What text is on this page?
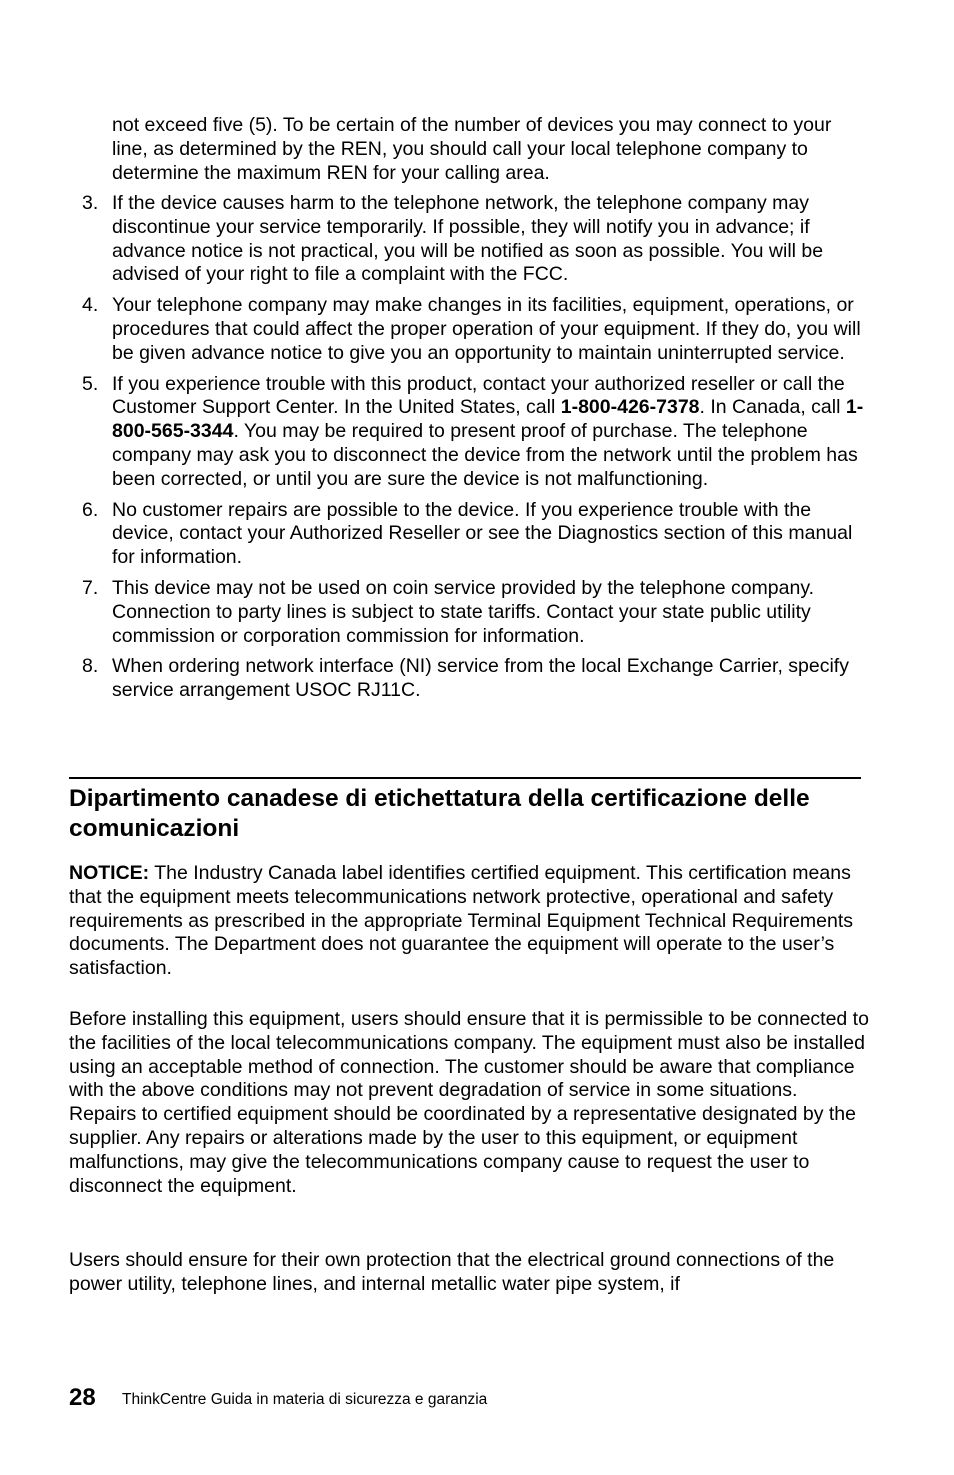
not exceed five (5). To be certain of the number of devices you may connect to your line, as determined by the REN, you should call your local telephone company to determine the maximum REN for your calling area.

3. If the device causes harm to the telephone network, the telephone company may discontinue your service temporarily. If possible, they will notify you in advance; if advance notice is not practical, you will be notified as soon as possible. You will be advised of your right to file a complaint with the FCC.
4. Your telephone company may make changes in its facilities, equipment, operations, or procedures that could affect the proper operation of your equipment. If they do, you will be given advance notice to give you an opportunity to maintain uninterrupted service.
5. If you experience trouble with this product, contact your authorized reseller or call the Customer Support Center. In the United States, call 1-800-426-7378. In Canada, call 1-800-565-3344. You may be required to present proof of purchase. The telephone company may ask you to disconnect the device from the network until the problem has been corrected, or until you are sure the device is not malfunctioning.
6. No customer repairs are possible to the device. If you experience trouble with the device, contact your Authorized Reseller or see the Diagnostics section of this manual for information.
7. This device may not be used on coin service provided by the telephone company. Connection to party lines is subject to state tariffs. Contact your state public utility commission or corporation commission for information.
8. When ordering network interface (NI) service from the local Exchange Carrier, specify service arrangement USOC RJ11C.
Dipartimento canadese di etichettatura della certificazione delle comunicazioni

NOTICE: The Industry Canada label identifies certified equipment. This certification means that the equipment meets telecommunications network protective, operational and safety requirements as prescribed in the appropriate Terminal Equipment Technical Requirements documents. The Department does not guarantee the equipment will operate to the user’s satisfaction.

Before installing this equipment, users should ensure that it is permissible to be connected to the facilities of the local telecommunications company. The equipment must also be installed using an acceptable method of connection. The customer should be aware that compliance with the above conditions may not prevent degradation of service in some situations. Repairs to certified equipment should be coordinated by a representative designated by the supplier. Any repairs or alterations made by the user to this equipment, or equipment malfunctions, may give the telecommunications company cause to request the user to disconnect the equipment.

Users should ensure for their own protection that the electrical ground connections of the power utility, telephone lines, and internal metallic water pipe system, if

28 ThinkCentre Guida in materia di sicurezza e garanzia
